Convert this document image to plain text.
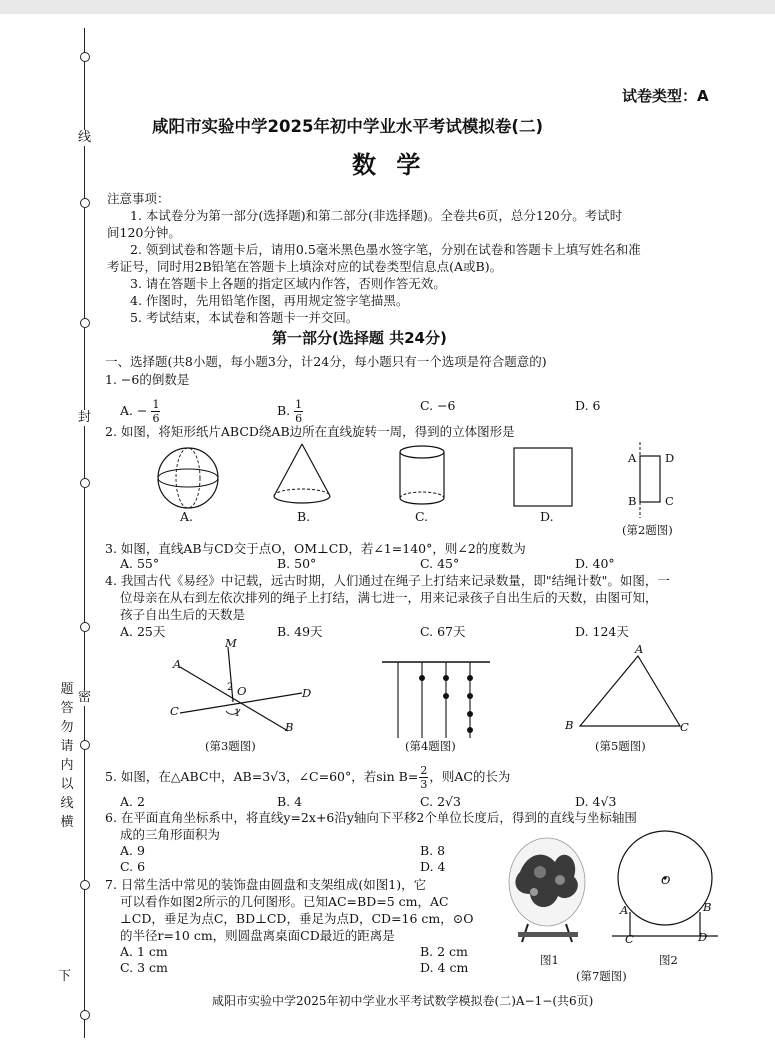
线
封
密
题
答
勿
请
内
以
线
横
下
试卷类型：A
咸阳市实验中学2025年初中学业水平考试模拟卷(二)
数 学
注意事项：
1. 本试卷分为第一部分(选择题)和第二部分(非选择题)。全卷共6页，总分120分。考试时
间120分钟。
2. 领到试卷和答题卡后，请用0.5毫米黑色墨水签字笔，分别在试卷和答题卡上填写姓名和准
考证号，同时用2B铅笔在答题卡上填涂对应的试卷类型信息点(A或B)。
3. 请在答题卡上各题的指定区域内作答，否则作答无效。
4. 作图时，先用铅笔作图，再用规定签字笔描黑。
5. 考试结束，本试卷和答题卡一并交回。
第一部分(选择题 共24分)
一、选择题(共8小题，每小题3分，计24分，每小题只有一个选项是符合题意的)
1. −6的倒数是
A. − $\frac{1}{6}$	B. $\frac{1}{6}$	C. −6	D. 6
2. 如图，将矩形纸片ABCD绕AB边所在直线旋转一周，得到的立体图形是
A D
B C
A.	B.	C.	D.
(第2题图)
3. 如图，直线AB与CD交于点O，OM⊥CD，若∠1=140°，则∠2的度数为
A. 55°	B. 50°	C. 45°	D. 40°
4. 我国古代《易经》中记载，远古时期，人们通过在绳子上打结来记录数量，即"结绳计数"。如图，一
位母亲在从右到左依次排列的绳子上打结，满七进一，用来记录孩子自出生后的天数，由图可知，
孩子自出生后的天数是
A. 25天	B. 49天	C. 67天	D. 124天
M
A
2 O	D
C	1
B
(第3题图)	(第4题图)
A
B	C
(第5题图)
5. 如图，在△ABC中，AB=3√3，∠C=60°，若$\sin B= \frac{2}{3}$ ，则AC的长为
A. 2	B. 4	C. 2√3	D. 4√3
6. 在平面直角坐标系中，将直线y=2x+6沿y轴向下平移2个单位长度后，得到的直线与坐标轴围
成的三角形面积为
A. 9	B. 8
C. 6	D. 4
7. 日常生活中常见的装饰盘由圆盘和支架组成(如图1)，它
可以看作如图2所示的几何图形。已知AC=BD=5 cm，AC
⊥CD，垂足为点C，BD⊥CD，垂足为点D，CD=16 cm，⊙O
的半径r=10 cm，则圆盘离桌面CD最近的距离是
A. 1 cm	B. 2 cm
C. 3 cm	D. 4 cm	图1
O
A	B
C	D
图2
(第7题图)
咸阳市实验中学2025年初中学业水平考试数学模拟卷(二)A−1−(共6页)
